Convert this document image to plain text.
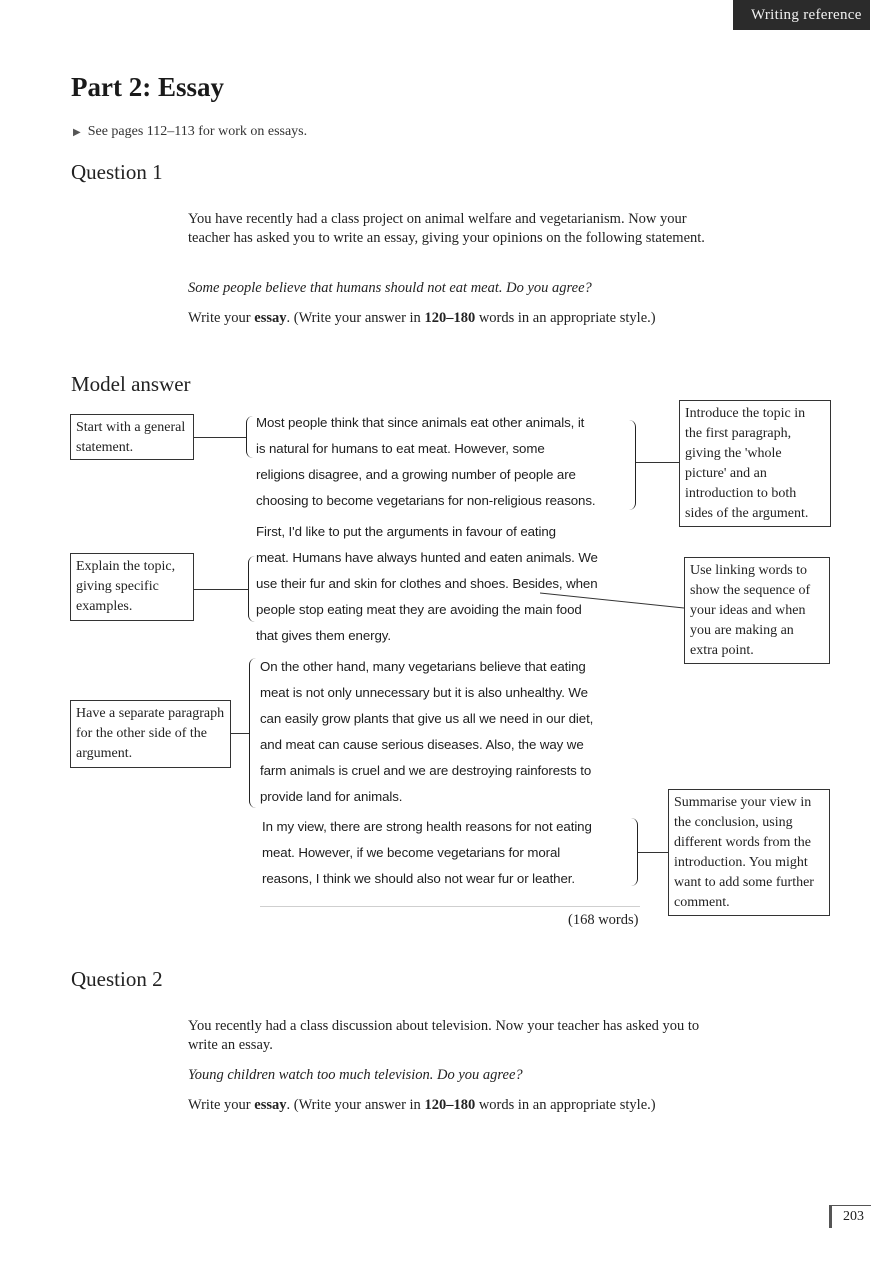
Writing reference
Part 2: Essay
▶ See pages 112–113 for work on essays.
Question 1
You have recently had a class project on animal welfare and vegetarianism. Now your teacher has asked you to write an essay, giving your opinions on the following statement.
Some people believe that humans should not eat meat. Do you agree?
Write your essay. (Write your answer in 120–180 words in an appropriate style.)
Model answer
Most people think that since animals eat other animals, it
is natural for humans to eat meat. However, some
religions disagree, and a growing number of people are
choosing to become vegetarians for non-religious reasons.
First, I'd like to put the arguments in favour of eating
meat. Humans have always hunted and eaten animals. We
use their fur and skin for clothes and shoes. Besides, when
people stop eating meat they are avoiding the main food
that gives them energy.
On the other hand, many vegetarians believe that eating
meat is not only unnecessary but it is also unhealthy. We
can easily grow plants that give us all we need in our diet,
and meat can cause serious diseases. Also, the way we
farm animals is cruel and we are destroying rainforests to
provide land for animals.
In my view, there are strong health reasons for not eating
meat. However, if we become vegetarians for moral
reasons, I think we should also not wear fur or leather.
(168 words)
Start with a general statement.
Explain the topic, giving specific examples.
Have a separate paragraph for the other side of the argument.
Introduce the topic in the first paragraph, giving the 'whole picture' and an introduction to both sides of the argument.
Use linking words to show the sequence of your ideas and when you are making an extra point.
Summarise your view in the conclusion, using different words from the introduction. You might want to add some further comment.
Question 2
You recently had a class discussion about television. Now your teacher has asked you to write an essay.
Young children watch too much television. Do you agree?
Write your essay. (Write your answer in 120–180 words in an appropriate style.)
203
